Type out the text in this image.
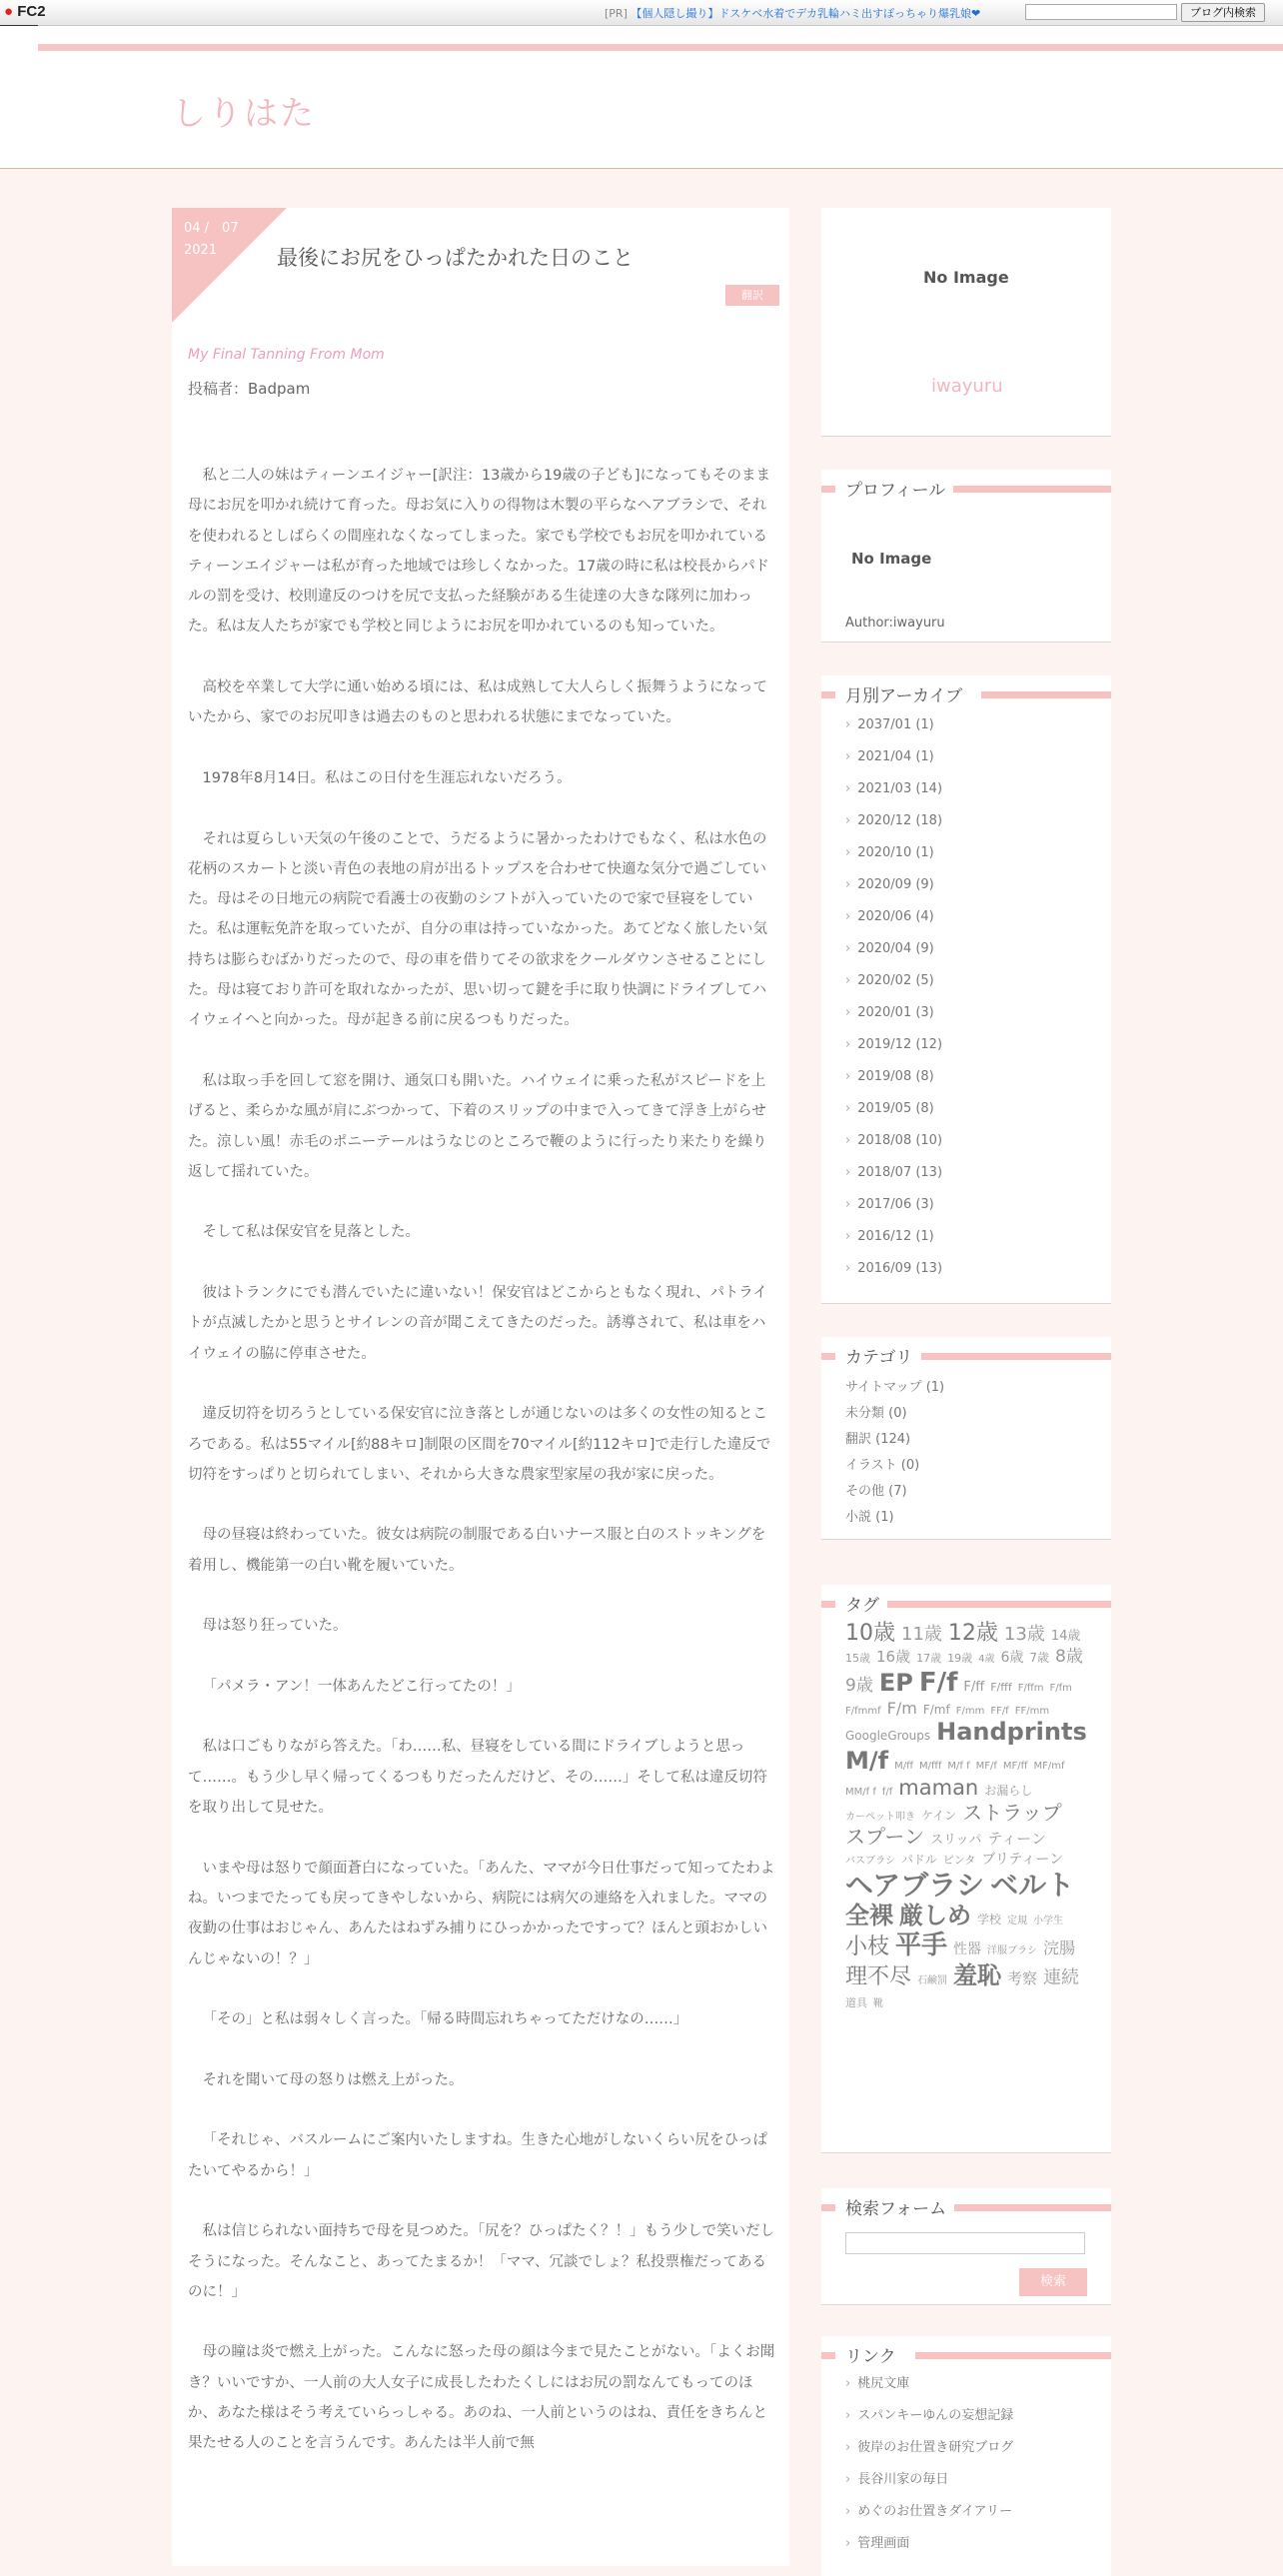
● FC2	[PR] 【個人隠し撮り】ドスケベ水着でデカ乳輪ハミ出すぽっちゃり爆乳娘❤	ブログ内検索
しりはた
04 /　07
2021	最後にお尻をひっぱたかれた日のこと
翻訳
My Final Tanning From Mom
投稿者：Badpam

私と二人の妹はティーンエイジャー[訳注：13歳から19歳の子ども]になってもそのまま母にお尻を叩かれ続けて育った。母お気に入りの得物は木製の平らなヘアブラシで、それを使われるとしばらくの間座れなくなってしまった。家でも学校でもお尻を叩かれているティーンエイジャーは私が育った地域では珍しくなかった。17歳の時に私は校長からパドルの罰を受け、校則違反のつけを尻で支払った経験がある生徒達の大きな隊列に加わった。私は友人たちが家でも学校と同じようにお尻を叩かれているのも知っていた。

高校を卒業して大学に通い始める頃には、私は成熟して大人らしく振舞うようになっていたから、家でのお尻叩きは過去のものと思われる状態にまでなっていた。

1978年8月14日。私はこの日付を生涯忘れないだろう。

それは夏らしい天気の午後のことで、うだるように暑かったわけでもなく、私は水色の花柄のスカートと淡い青色の表地の肩が出るトップスを合わせて快適な気分で過ごしていた。母はその日地元の病院で看護士の夜勤のシフトが入っていたので家で昼寝をしていた。私は運転免許を取っていたが、自分の車は持っていなかった。あてどなく旅したい気持ちは膨らむばかりだったので、母の車を借りてその欲求をクールダウンさせることにした。母は寝ており許可を取れなかったが、思い切って鍵を手に取り快調にドライブしてハイウェイへと向かった。母が起きる前に戻るつもりだった。

私は取っ手を回して窓を開け、通気口も開いた。ハイウェイに乗った私がスピードを上げると、柔らかな風が肩にぶつかって、下着のスリップの中まで入ってきて浮き上がらせた。涼しい風！赤毛のポニーテールはうなじのところで鞭のように行ったり来たりを繰り返して揺れていた。

そして私は保安官を見落とした。

彼はトランクにでも潜んでいたに違いない！保安官はどこからともなく現れ、パトライトが点滅したかと思うとサイレンの音が聞こえてきたのだった。誘導されて、私は車をハイウェイの脇に停車させた。

違反切符を切ろうとしている保安官に泣き落としが通じないのは多くの女性の知るところである。私は55マイル[約88キロ]制限の区間を70マイル[約112キロ]で走行した違反で切符をすっぱりと切られてしまい、それから大きな農家型家屋の我が家に戻った。

母の昼寝は終わっていた。彼女は病院の制服である白いナース服と白のストッキングを着用し、機能第一の白い靴を履いていた。

母は怒り狂っていた。

「パメラ・アン！一体あんたどこ行ってたの！」

私は口ごもりながら答えた。「わ……私、昼寝をしている間にドライブしようと思って……。もう少し早く帰ってくるつもりだったんだけど、その……」そして私は違反切符を取り出して見せた。

いまや母は怒りで顔面蒼白になっていた。「あんた、ママが今日仕事だって知ってたわよね。いつまでたっても戻ってきやしないから、病院には病欠の連絡を入れました。ママの夜勤の仕事はおじゃん、あんたはねずみ捕りにひっかかったですって？ほんと頭おかしいんじゃないの！？」

「その」と私は弱々しく言った。「帰る時間忘れちゃってただけなの……」

それを聞いて母の怒りは燃え上がった。

「それじゃ、バスルームにご案内いたしますね。生きた心地がしないくらい尻をひっぱたいてやるから！」

私は信じられない面持ちで母を見つめた。「尻を？ひっぱたく？！」もう少しで笑いだしそうになった。そんなこと、あってたまるか！「ママ、冗談でしょ？私投票権だってあるのに！」

母の瞳は炎で燃え上がった。こんなに怒った母の顔は今まで見たことがない。「よくお聞き？いいですか、一人前の大人女子に成長したわたくしにはお尻の罰なんてもってのほか、あなた様はそう考えていらっしゃる。あのね、一人前というのはね、責任をきちんと果たせる人のことを言うんです。あんたは半人前で無

No Image
iwayuru
プロフィール
No Image
Author:iwayuru
月別アーカイブ
› 2037/01 (1)
› 2021/04 (1)
› 2021/03 (14)
› 2020/12 (18)
› 2020/10 (1)
› 2020/09 (9)
› 2020/06 (4)
› 2020/04 (9)
› 2020/02 (5)
› 2020/01 (3)
› 2019/12 (12)
› 2019/08 (8)
› 2019/05 (8)
› 2018/08 (10)
› 2018/07 (13)
› 2017/06 (3)
› 2016/12 (1)
› 2016/09 (13)
カテゴリ
サイトマップ (1)
未分類 (0)
翻訳 (124)
イラスト (0)
その他 (7)
小説 (1)
タグ
10歳 11歳 12歳 13歳 14歳15歳 16歳 17歳 19歳 4歳 6歳 7歳 8歳9歳 EP F/f F/ff F/fff F/ffm F/fmF/fmmf F/m F/mf F/mm FF/f FF/mmGoogleGroups HandprintsM/f M/ff M/fff M/f f MF/f MF/ff MF/mfMM/f f f/f maman お漏らしカーペット叩き ケイン ストラップスプーン スリッパ ティーンバスブラシ パドル ピンタ ブリティーンヘアブラシ ベルト全裸 厳しめ 学校 定規 小学生小枝 平手 性器 洋服ブラシ 浣腸理不尽 石鹸罰 羞恥 考察 連続道具 靴
検索フォーム
検索
リンク
› 桃尻文庫
› スパンキーゆんの妄想記録
› 彼岸のお仕置き研究ブログ
› 長谷川家の毎日
› めぐのお仕置きダイアリー
› 管理画面
